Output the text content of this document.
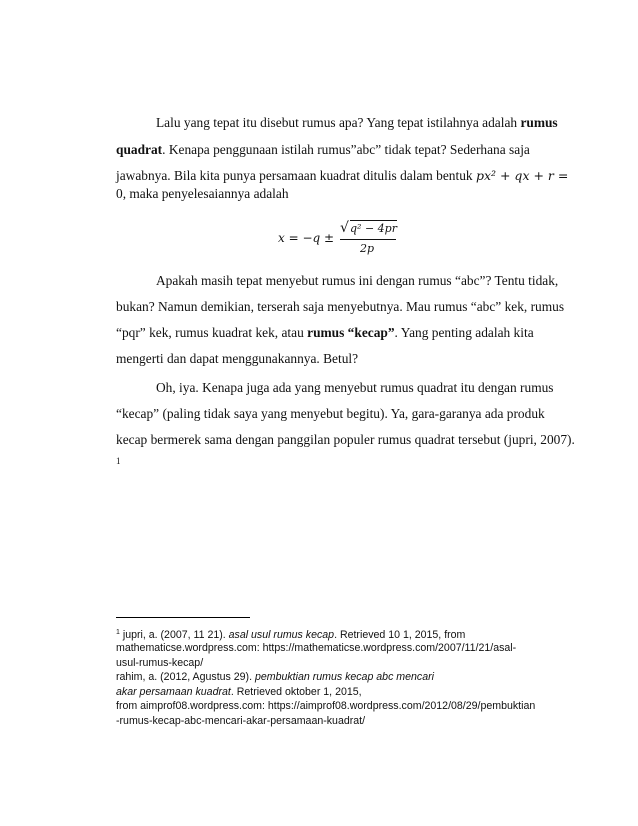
Lalu yang tepat itu disebut rumus apa? Yang tepat istilahnya adalah rumus
quadrat. Kenapa penggunaan istilah rumus”abc” tidak tepat? Sederhana saja
jawabnya. Bila kita punya persamaan kuadrat ditulis dalam bentuk px² + qx + r =
0, maka penyelesaiannya adalah
x = −q ±
√ q² − 4pr
2p
Apakah masih tepat menyebut rumus ini dengan rumus “abc”? Tentu tidak,
bukan? Namun demikian, terserah saja menyebutnya. Mau rumus “abc” kek, rumus
“pqr” kek, rumus kuadrat kek, atau rumus “kecap”. Yang penting adalah kita
mengerti dan dapat menggunakannya. Betul?
Oh, iya. Kenapa juga ada yang menyebut rumus quadrat itu dengan rumus
“kecap” (paling tidak saya yang menyebut begitu). Ya, gara-garanya ada produk
kecap bermerek sama dengan panggilan populer rumus quadrat tersebut (jupri, 2007).
1
$^1$ jupri, a. (2007, 11 21). asal usul rumus kecap. Retrieved 10 1, 2015, from
mathematicse.wordpress.com: https://mathematicse.wordpress.com/2007/11/21/asal-
usul-rumus-kecap/
rahim, a. (2012, Agustus 29). pembuktian rumus kecap abc mencari
akar persamaan kuadrat. Retrieved oktober 1, 2015,
from aimprof08.wordpress.com: https://aimprof08.wordpress.com/2012/08/29/pembuktian
-rumus-kecap-abc-mencari-akar-persamaan-kuadrat/
